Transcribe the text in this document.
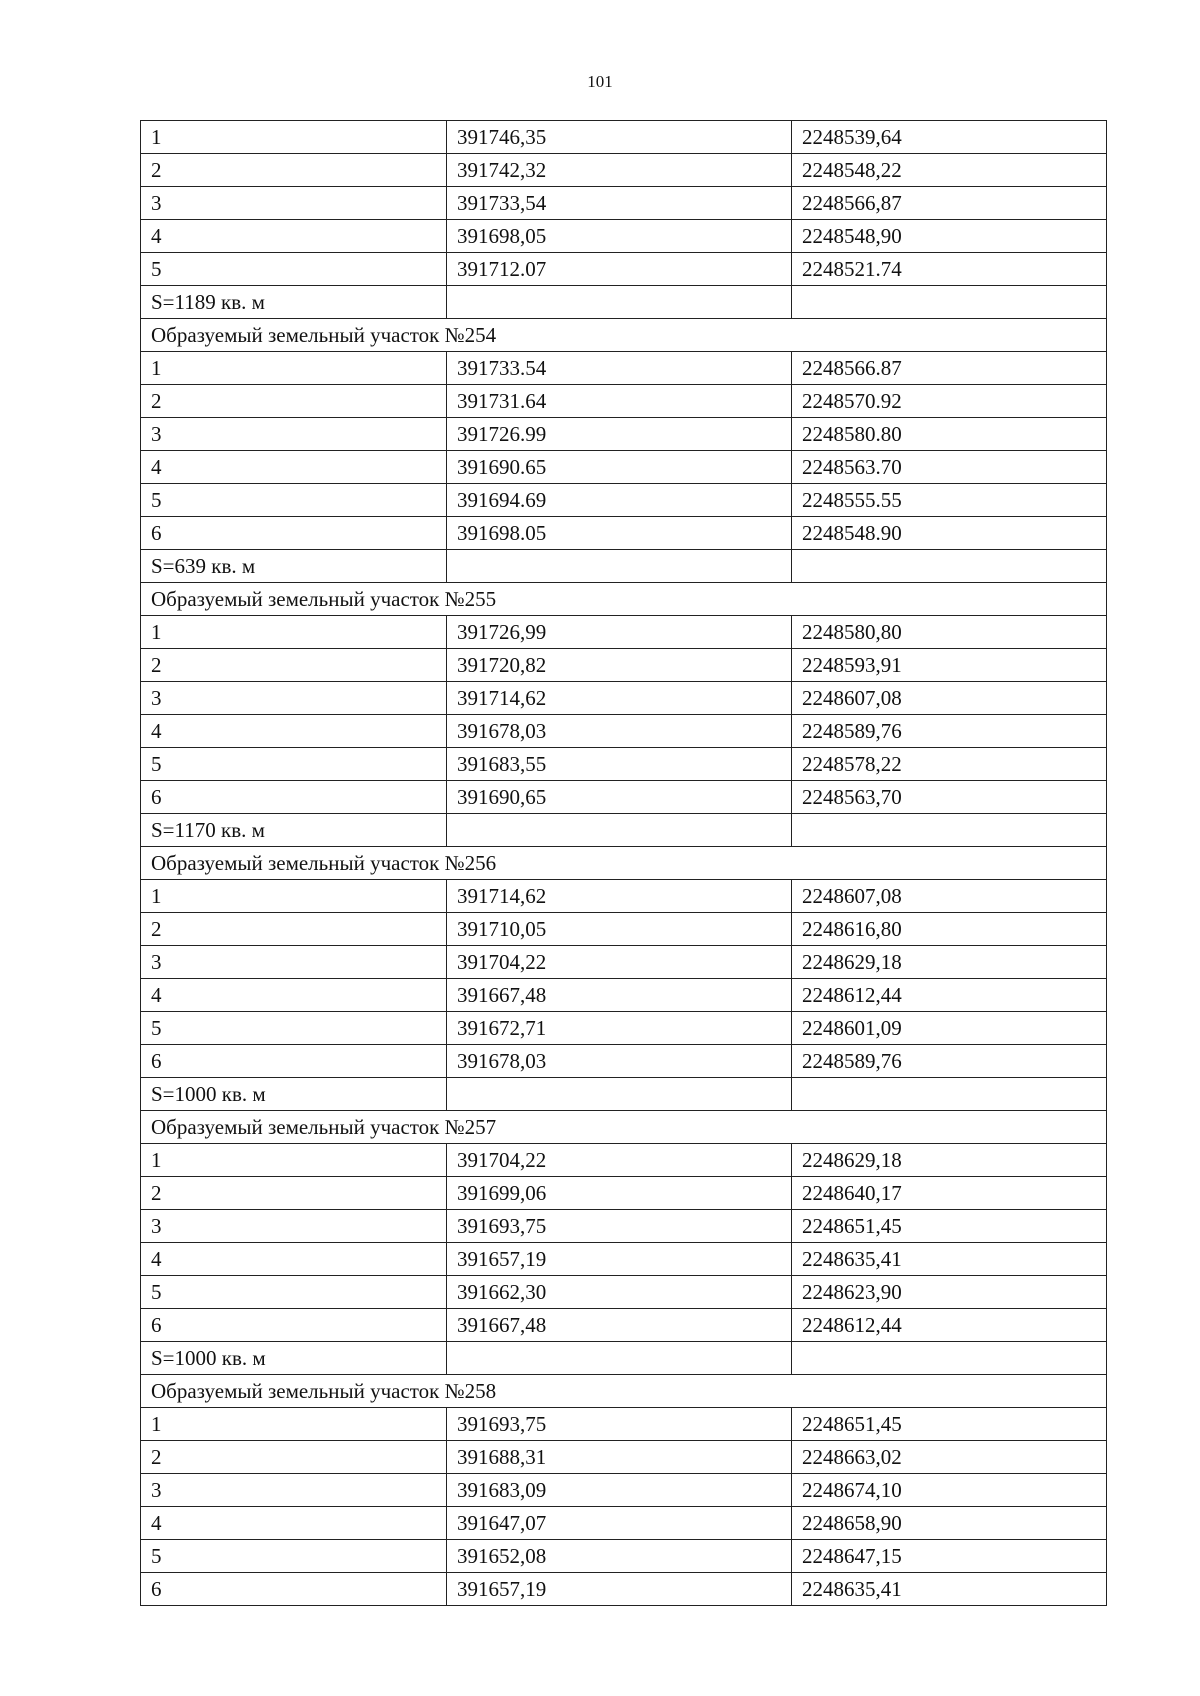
101
1	391746,35	2248539,64
2	391742,32	2248548,22
3	391733,54	2248566,87
4	391698,05	2248548,90
5	391712.07	2248521.74
S=1189 кв. м		
Образуемый земельный участок №254		
1	391733.54	2248566.87
2	391731.64	2248570.92
3	391726.99	2248580.80
4	391690.65	2248563.70
5	391694.69	2248555.55
6	391698.05	2248548.90
S=639 кв. м		
Образуемый земельный участок №255		
1	391726,99	2248580,80
2	391720,82	2248593,91
3	391714,62	2248607,08
4	391678,03	2248589,76
5	391683,55	2248578,22
6	391690,65	2248563,70
S=1170 кв. м		
Образуемый земельный участок №256		
1	391714,62	2248607,08
2	391710,05	2248616,80
3	391704,22	2248629,18
4	391667,48	2248612,44
5	391672,71	2248601,09
6	391678,03	2248589,76
S=1000 кв. м		
Образуемый земельный участок №257		
1	391704,22	2248629,18
2	391699,06	2248640,17
3	391693,75	2248651,45
4	391657,19	2248635,41
5	391662,30	2248623,90
6	391667,48	2248612,44
S=1000 кв. м		
Образуемый земельный участок №258		
1	391693,75	2248651,45
2	391688,31	2248663,02
3	391683,09	2248674,10
4	391647,07	2248658,90
5	391652,08	2248647,15
6	391657,19	2248635,41
